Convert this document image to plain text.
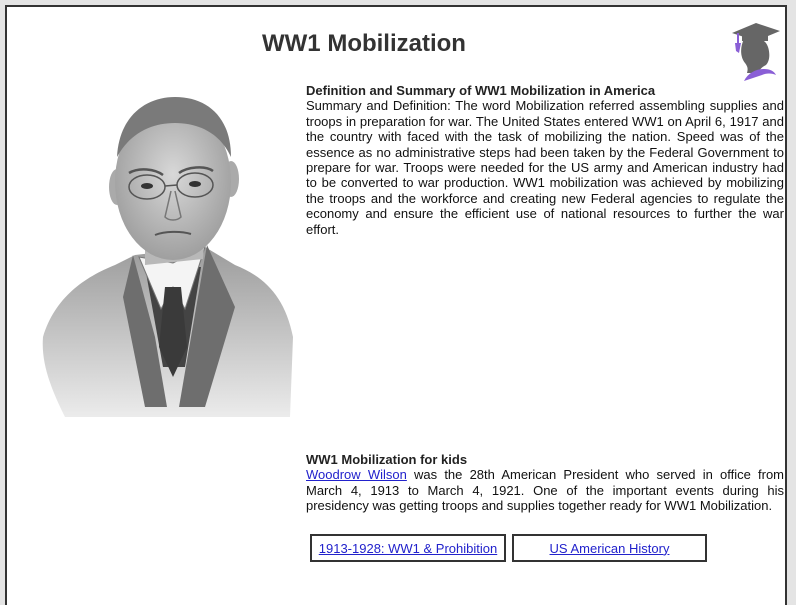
WW1 Mobilization
Definition and Summary of WW1 Mobilization in America

Summary and Definition: The word Mobilization referred assembling supplies and troops in preparation for war. The United States entered WW1 on April 6, 1917 and the country with faced with the task of mobilizing the nation. Speed was of the essence as no administrative steps had been taken by the Federal Government to prepare for war. Troops were needed for the US army and American industry had to be converted to war production. WW1 mobilization was achieved by mobilizing the troops and the workforce and creating new Federal agencies to regulate the economy and ensure the efficient use of national resources to further the war effort.

WW1 Mobilization for kids

Woodrow Wilson was the 28th American President who served in office from March 4, 1913 to March 4, 1921. One of the important events during his presidency was getting troops and supplies together ready for WW1 Mobilization.

1913-1928: WW1 & Prohibition	US American History
